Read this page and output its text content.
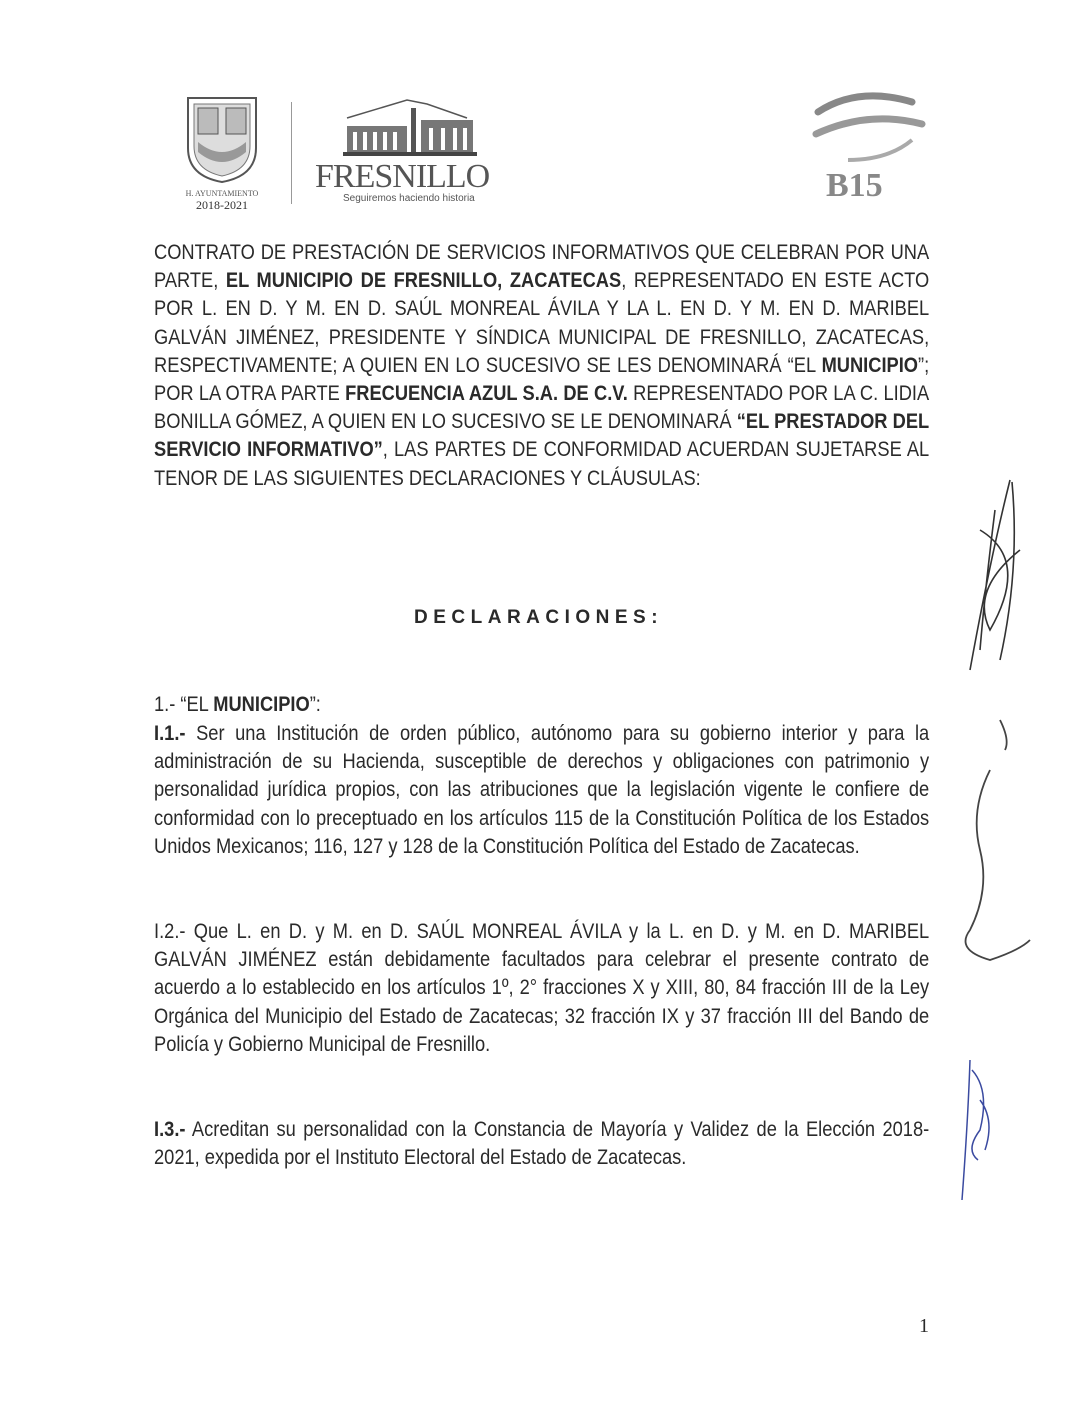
H. AYUNTAMIENTO
2018-2021
FRESNILLO
Seguiremos haciendo historia	B15
CONTRATO DE PRESTACIÓN DE SERVICIOS INFORMATIVOS QUE CELEBRAN POR UNA PARTE, EL MUNICIPIO DE FRESNILLO, ZACATECAS, REPRESENTADO EN ESTE ACTO POR L. EN D. Y M. EN D. SAÚL MONREAL ÁVILA Y LA L. EN D. Y M. EN D. MARIBEL GALVÁN JIMÉNEZ, PRESIDENTE Y SÍNDICA MUNICIPAL DE FRESNILLO, ZACATECAS, RESPECTIVAMENTE; A QUIEN EN LO SUCESIVO SE LES DENOMINARÁ “EL MUNICIPIO”; POR LA OTRA PARTE FRECUENCIA AZUL S.A. DE C.V. REPRESENTADO POR LA C. LIDIA BONILLA GÓMEZ, A QUIEN EN LO SUCESIVO SE LE DENOMINARÁ “EL PRESTADOR DEL SERVICIO INFORMATIVO”, LAS PARTES DE CONFORMIDAD ACUERDAN SUJETARSE AL TENOR DE LAS SIGUIENTES DECLARACIONES Y CLÁUSULAS:
DECLARACIONES:
1.- “EL MUNICIPIO”:
I.1.- Ser una Institución de orden público, autónomo para su gobierno interior y para la administración de su Hacienda, susceptible de derechos y obligaciones con patrimonio y personalidad jurídica propios, con las atribuciones que la legislación vigente le confiere de conformidad con lo preceptuado en los artículos 115 de la Constitución Política de los Estados Unidos Mexicanos; 116, 127 y 128 de la Constitución Política del Estado de Zacatecas.
I.2.- Que L. en D. y M. en D. SAÚL MONREAL ÁVILA y la L. en D. y M. en D. MARIBEL GALVÁN JIMÉNEZ están debidamente facultados para celebrar el presente contrato de acuerdo a lo establecido en los artículos 1º, 2° fracciones X y XIII, 80, 84 fracción III de la Ley Orgánica del Municipio del Estado de Zacatecas; 32 fracción IX y 37 fracción III del Bando de Policía y Gobierno Municipal de Fresnillo.
I.3.- Acreditan su personalidad con la Constancia de Mayoría y Validez de la Elección 2018-2021, expedida por el Instituto Electoral del Estado de Zacatecas.
1
